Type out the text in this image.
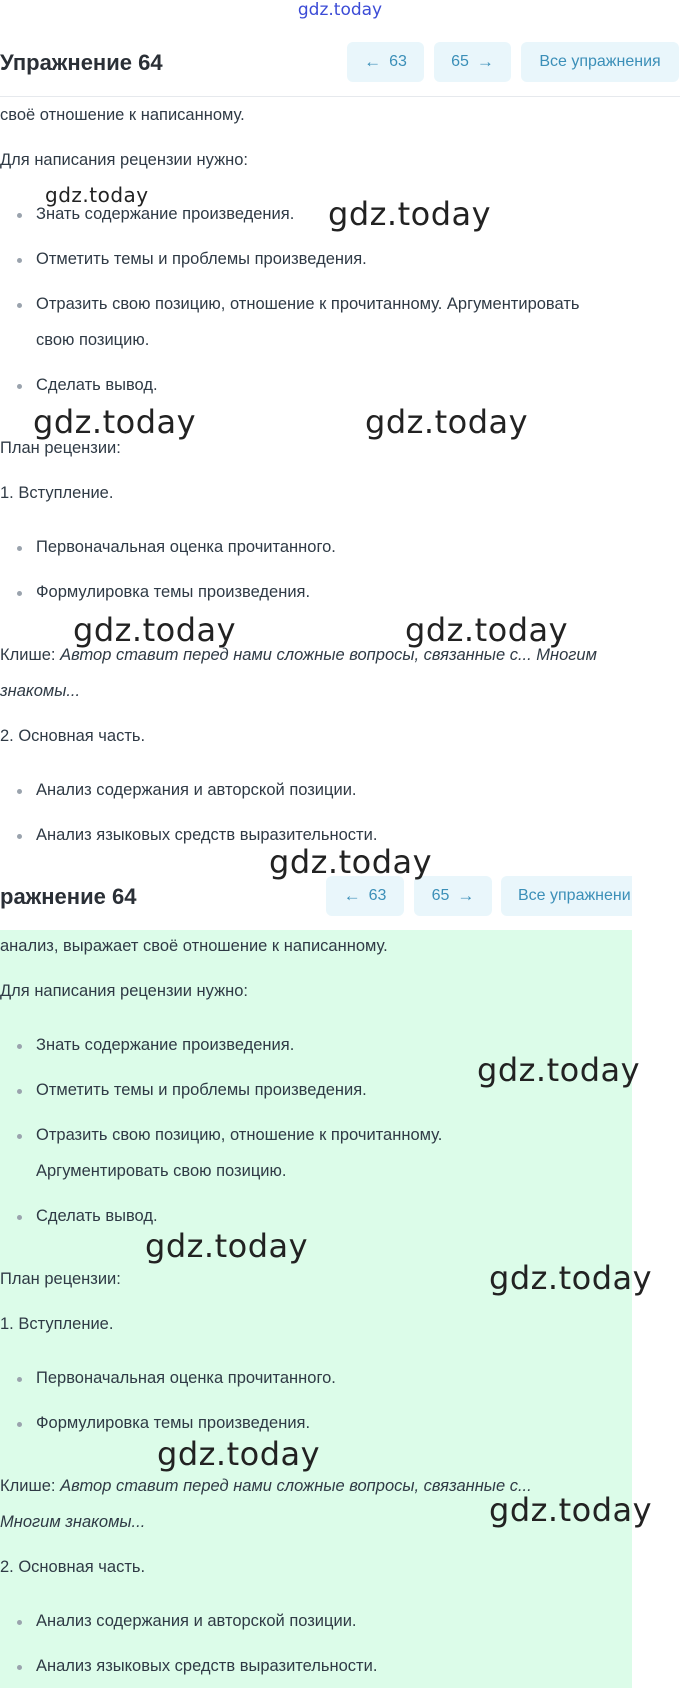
gdz.today
Упражнение 64	← 63	65 →	Все упражнения
своё отношение к написанному.
Для написания рецензии нужно:
Знать содержание произведения.
Отметить темы и проблемы произведения.
Отразить свою позицию, отношение к прочитанному. Аргументировать
свою позицию.
Сделать вывод.
План рецензии:
1. Вступление.
Первоначальная оценка прочитанного.
Формулировка темы произведения.
Клише: Автор ставит перед нами сложные вопросы, связанные с... Многим
знакомы...
2. Основная часть.
Анализ содержания и авторской позиции.
Анализ языковых средств выразительности.
ражнение 64	← 63	65 →	Все упражнени
анализ, выражает своё отношение к написанному.
Для написания рецензии нужно:
Знать содержание произведения.
Отметить темы и проблемы произведения.
Отразить свою позицию, отношение к прочитанному.
Аргументировать свою позицию.
Сделать вывод.
План рецензии:
1. Вступление.
Первоначальная оценка прочитанного.
Формулировка темы произведения.
Клише: Автор ставит перед нами сложные вопросы, связанные с...
Многим знакомы...
2. Основная часть.
Анализ содержания и авторской позиции.
Анализ языковых средств выразительности.
gdz.today	gdz.today
gdz.today	gdz.today
gdz.today	gdz.today
gdz.today
gdz.today
gdz.today
gdz.today
gdz.today
gdz.today
